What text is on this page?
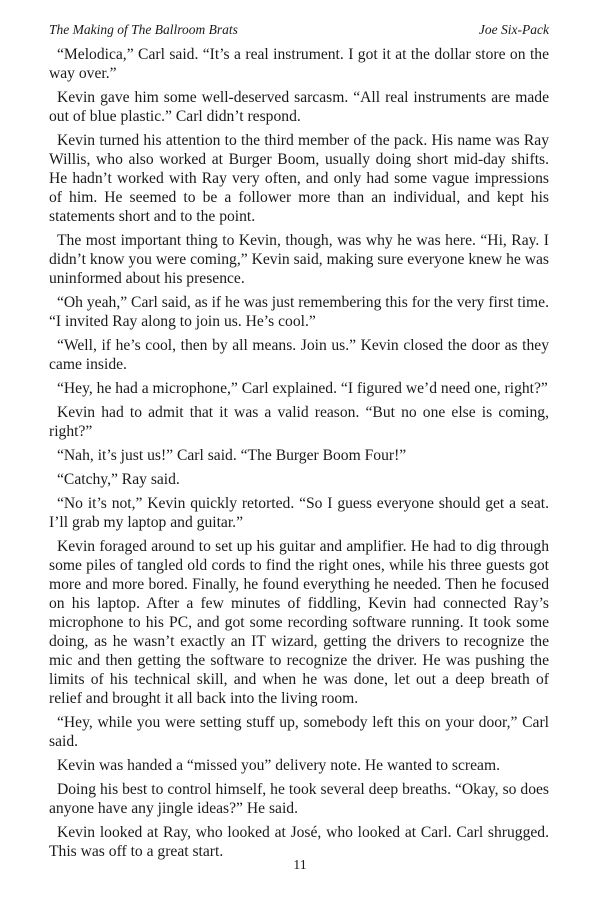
The Making of The Ballroom Brats	Joe Six-Pack

“Melodica,” Carl said. “It’s a real instrument. I got it at the dollar store on the way over.”

Kevin gave him some well-deserved sarcasm. “All real instruments are made out of blue plastic.” Carl didn’t respond.

Kevin turned his attention to the third member of the pack. His name was Ray Willis, who also worked at Burger Boom, usually doing short mid-day shifts. He hadn’t worked with Ray very often, and only had some vague impressions of him. He seemed to be a follower more than an individual, and kept his statements short and to the point.

The most important thing to Kevin, though, was why he was here. “Hi, Ray. I didn’t know you were coming,” Kevin said, making sure everyone knew he was uninformed about his presence.

“Oh yeah,” Carl said, as if he was just remembering this for the very first time. “I invited Ray along to join us. He’s cool.”

“Well, if he’s cool, then by all means. Join us.” Kevin closed the door as they came inside.

“Hey, he had a microphone,” Carl explained. “I figured we’d need one, right?”

Kevin had to admit that it was a valid reason. “But no one else is coming, right?”

“Nah, it’s just us!” Carl said. “The Burger Boom Four!”

“Catchy,” Ray said.

“No it’s not,” Kevin quickly retorted. “So I guess everyone should get a seat. I’ll grab my laptop and guitar.”

Kevin foraged around to set up his guitar and amplifier. He had to dig through some piles of tangled old cords to find the right ones, while his three guests got more and more bored. Finally, he found everything he needed. Then he focused on his laptop. After a few minutes of fiddling, Kevin had connected Ray’s microphone to his PC, and got some recording software running. It took some doing, as he wasn’t exactly an IT wizard, getting the drivers to recognize the mic and then getting the software to recognize the driver. He was pushing the limits of his technical skill, and when he was done, let out a deep breath of relief and brought it all back into the living room.

“Hey, while you were setting stuff up, somebody left this on your door,” Carl said.

Kevin was handed a “missed you” delivery note. He wanted to scream.

Doing his best to control himself, he took several deep breaths. “Okay, so does anyone have any jingle ideas?” He said.

Kevin looked at Ray, who looked at José, who looked at Carl. Carl shrugged. This was off to a great start.

11
